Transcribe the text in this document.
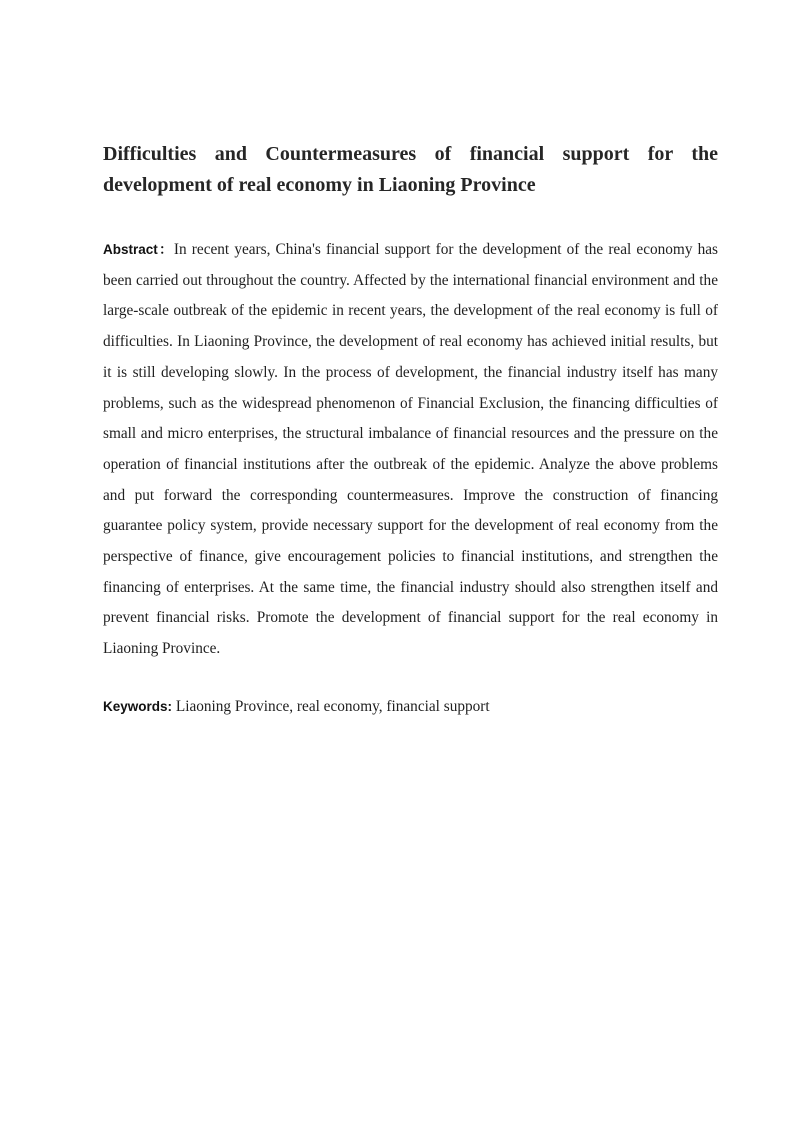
Difficulties and Countermeasures of financial support for the development of real economy in Liaoning Province

Abstract：In recent years, China's financial support for the development of the real economy has been carried out throughout the country. Affected by the international financial environment and the large-scale outbreak of the epidemic in recent years, the development of the real economy is full of difficulties. In Liaoning Province, the development of real economy has achieved initial results, but it is still developing slowly. In the process of development, the financial industry itself has many problems, such as the widespread phenomenon of Financial Exclusion, the financing difficulties of small and micro enterprises, the structural imbalance of financial resources and the pressure on the operation of financial institutions after the outbreak of the epidemic. Analyze the above problems and put forward the corresponding countermeasures. Improve the construction of financing guarantee policy system, provide necessary support for the development of real economy from the perspective of finance, give encouragement policies to financial institutions, and strengthen the financing of enterprises. At the same time, the financial industry should also strengthen itself and prevent financial risks. Promote the development of financial support for the real economy in Liaoning Province.

Keywords: Liaoning Province, real economy, financial support
